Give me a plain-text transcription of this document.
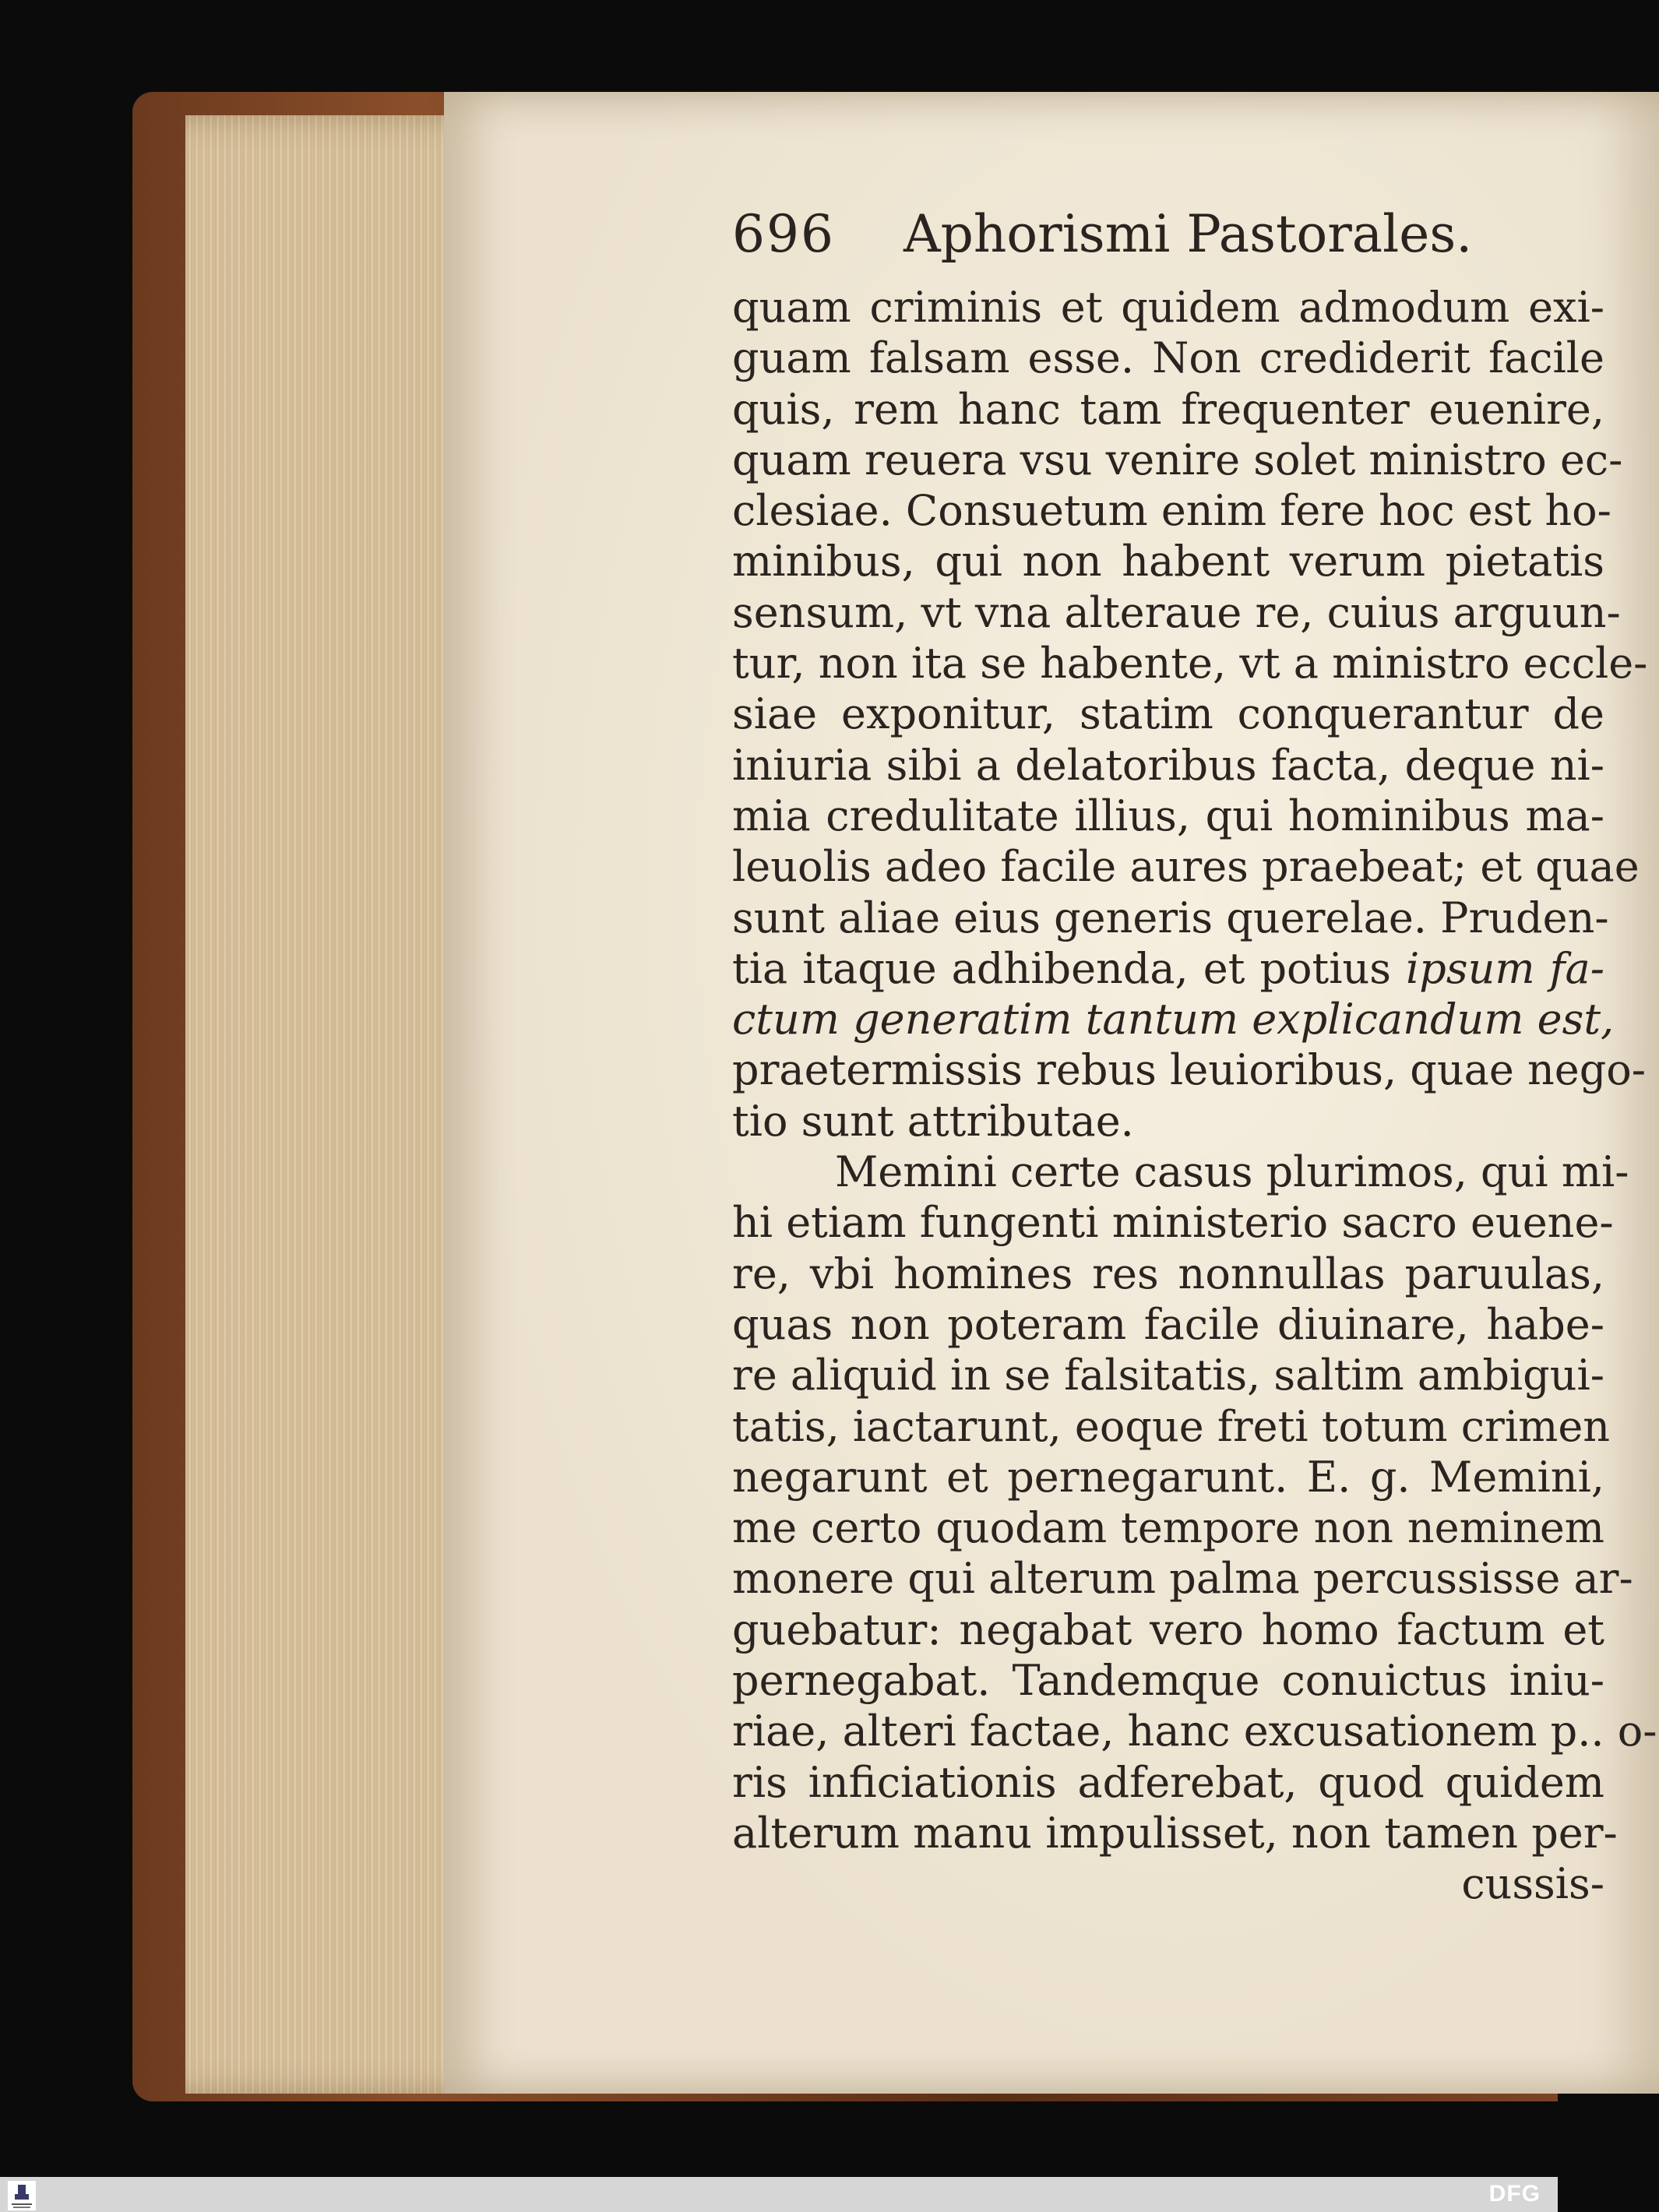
696 Aphorismi Pastorales.
quam criminis et quidem admodum exi-
guam falsam esse. Non crediderit facile
quis, rem hanc tam frequenter euenire,
quam reuera vsu venire solet ministro ec-
clesiae. Consuetum enim fere hoc est ho-
minibus, qui non habent verum pietatis
sensum, vt vna alteraue re, cuius arguun-
tur, non ita se habente, vt a ministro eccle-
siae exponitur, statim conquerantur de
iniuria sibi a delatoribus facta, deque ni-
mia credulitate illius, qui hominibus ma-
leuolis adeo facile aures praebeat; et quae
sunt aliae eius generis querelae. Pruden-
tia itaque adhibenda, et potius ipsum fa-
ctum generatim tantum explicandum est,
praetermissis rebus leuioribus, quae nego-
tio sunt attributae.
Memini certe casus plurimos, qui mi-
hi etiam fungenti ministerio sacro euene-
re, vbi homines res nonnullas paruulas,
quas non poteram facile diuinare, habe-
re aliquid in se falsitatis, saltim ambigui-
tatis, iactarunt, eoque freti totum crimen
negarunt et pernegarunt. E. g. Memini,
me certo quodam tempore non neminem
monere qui alterum palma percussisse ar-
guebatur: negabat vero homo factum et
pernegabat. Tandemque conuictus iniu-
riae, alteri factae, hanc excusationem p.. o-
ris inficiationis adferebat, quod quidem
alterum manu impulisset, non tamen per-
cussis-
DFG
